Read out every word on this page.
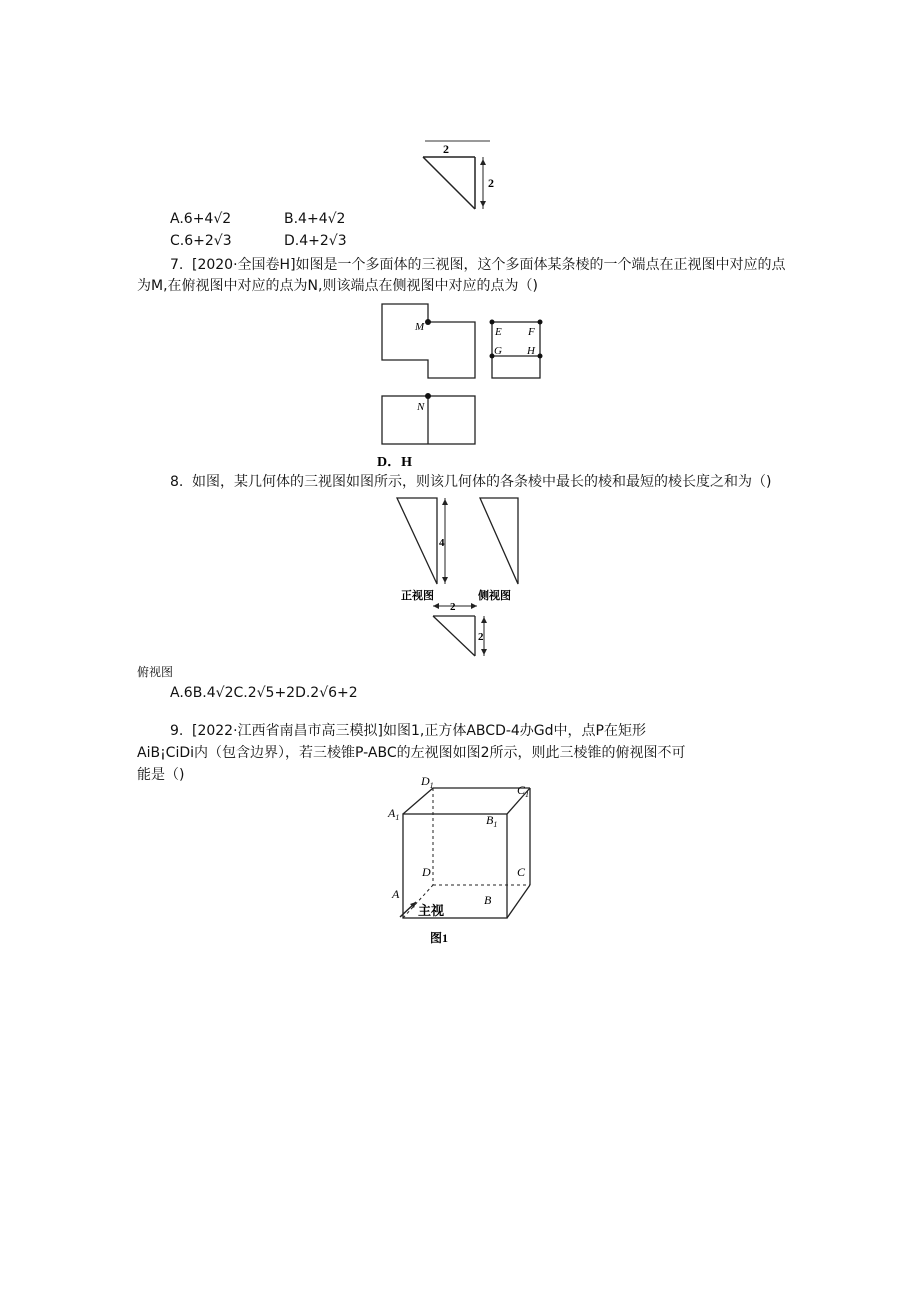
2
2
A.6+4√2	B.4+4√2
C.6+2√3	D.4+2√3
7. [2020·全国卷H]如图是一个多面体的三视图，这个多面体某条棱的一个端点在正视图中对应的点
为M,在俯视图中对应的点为N,则该端点在侧视图中对应的点为（)
M	E F
G H
N
D．H
8. 如图，某几何体的三视图如图所示，则该几何体的各条棱中最长的棱和最短的棱长度之和为（)
4
正视图	侧视图
2
2
俯视图
A.6B.4√2C.2√5+2D.2√6+2
9. [2022·江西省南昌市高三模拟]如图1,正方体ABCD-4办Gd中，点P在矩形
AiB¡CiDi内（包含边界），若三棱锥P-ABC的左视图如图2所示，则此三棱锥的俯视图不可
能是（)	$D_1$	$C_1$
$A_1$	$B_1$
D	C
A	B
主视
图1
